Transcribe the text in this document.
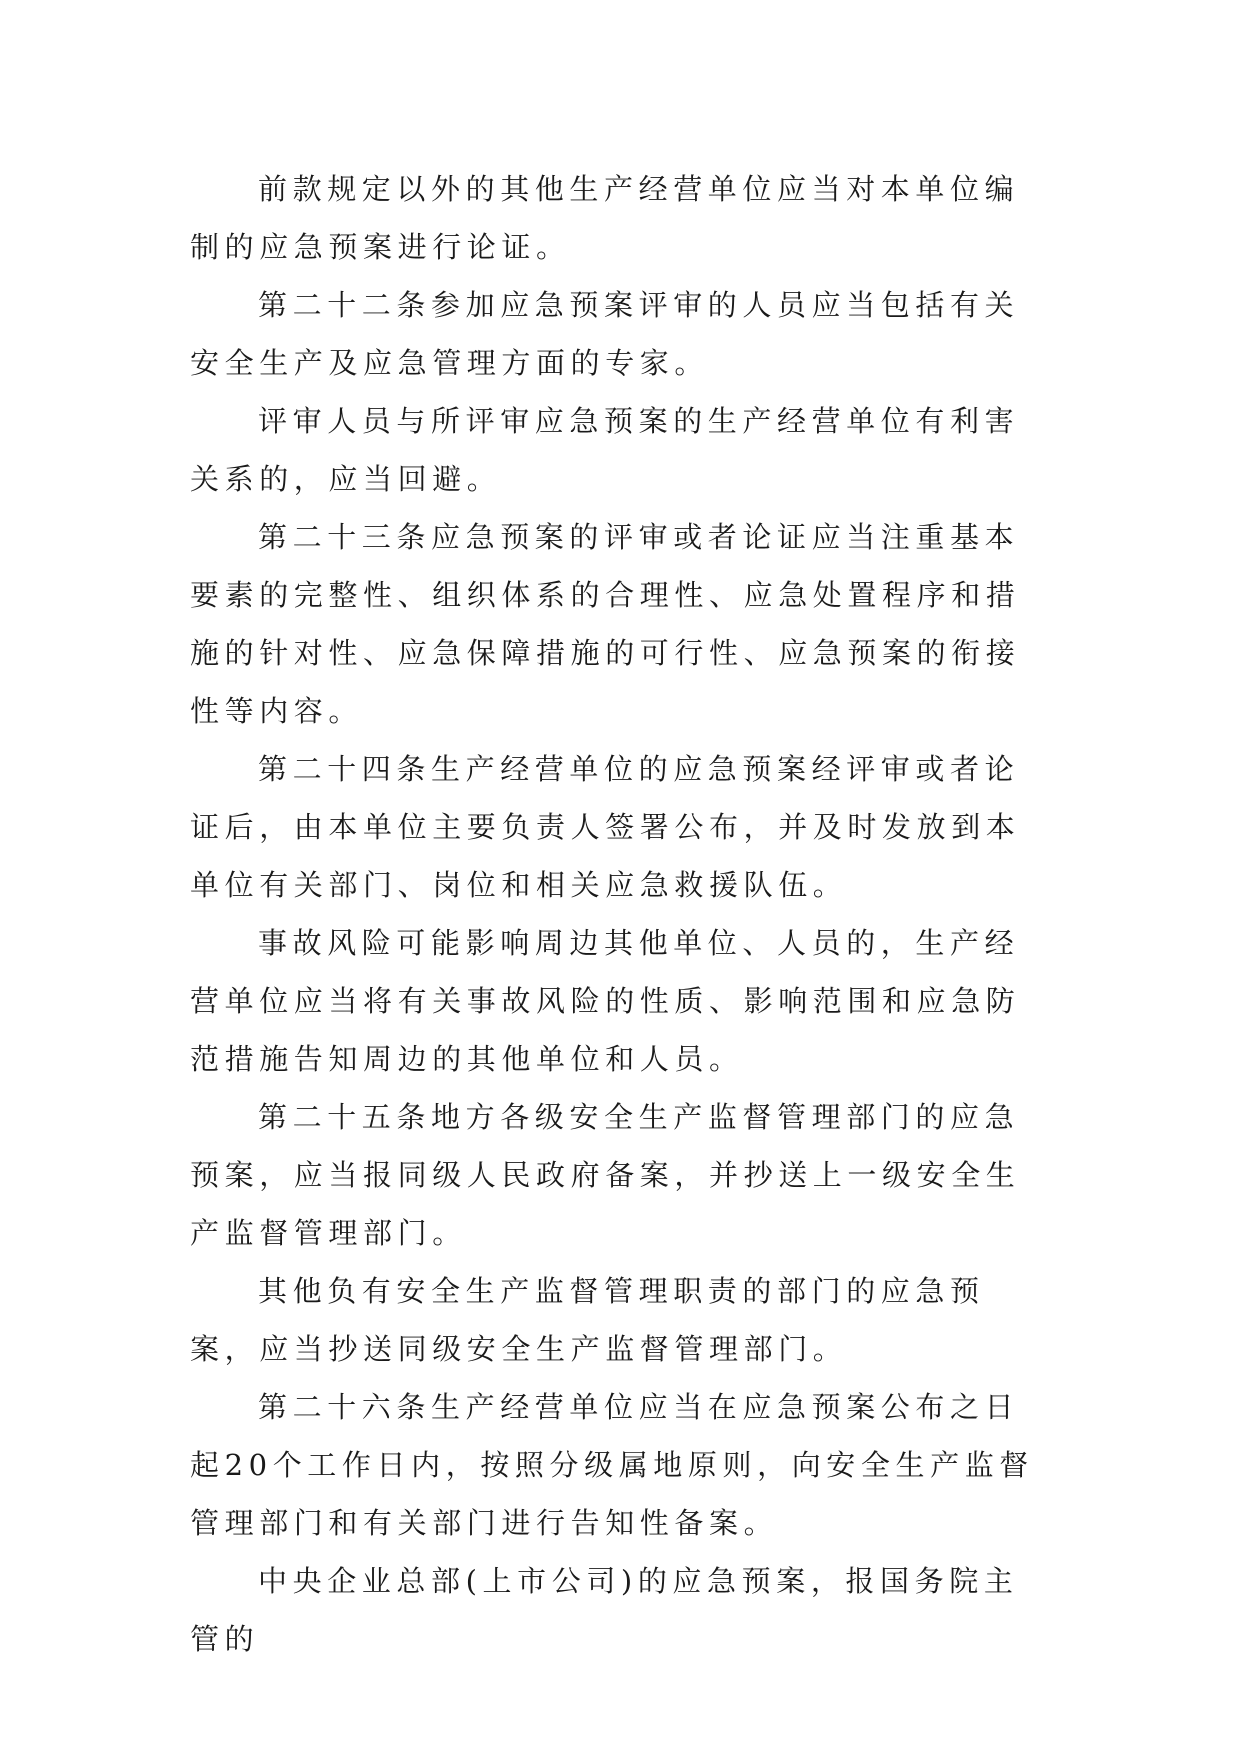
前款规定以外的其他生产经营单位应当对本单位编制的应急预案进行论证。

第二十二条参加应急预案评审的人员应当包括有关安全生产及应急管理方面的专家。

评审人员与所评审应急预案的生产经营单位有利害关系的，应当回避。

第二十三条应急预案的评审或者论证应当注重基本要素的完整性、组织体系的合理性、应急处置程序和措施的针对性、应急保障措施的可行性、应急预案的衔接性等内容。

第二十四条生产经营单位的应急预案经评审或者论证后，由本单位主要负责人签署公布，并及时发放到本单位有关部门、岗位和相关应急救援队伍。

事故风险可能影响周边其他单位、人员的，生产经营单位应当将有关事故风险的性质、影响范围和应急防范措施告知周边的其他单位和人员。

第二十五条地方各级安全生产监督管理部门的应急预案，应当报同级人民政府备案，并抄送上一级安全生产监督管理部门。

其他负有安全生产监督管理职责的部门的应急预案，应当抄送同级安全生产监督管理部门。

第二十六条生产经营单位应当在应急预案公布之日起20个工作日内，按照分级属地原则，向安全生产监督管理部门和有关部门进行告知性备案。

中央企业总部(上市公司)的应急预案，报国务院主管的
